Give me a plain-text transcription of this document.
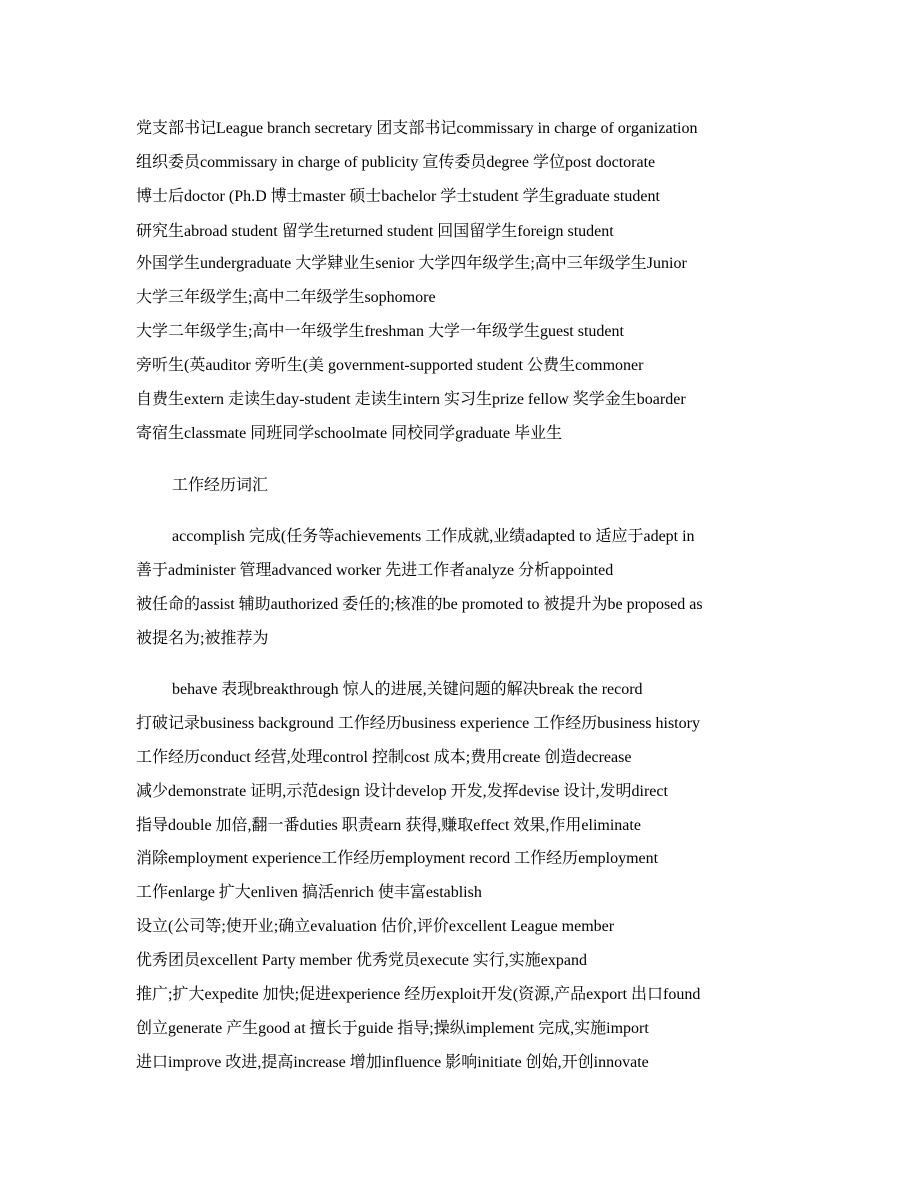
党支部书记League branch secretary 团支部书记commissary in charge of organization
组织委员commissary in charge of publicity 宣传委员degree 学位post doctorate
博士后doctor (Ph.D 博士master 硕士bachelor 学士student 学生graduate student
研究生abroad student 留学生returned student 回国留学生foreign student
外国学生undergraduate 大学肄业生senior 大学四年级学生;高中三年级学生Junior
大学三年级学生;高中二年级学生sophomore
大学二年级学生;高中一年级学生freshman 大学一年级学生guest student
旁听生(英auditor 旁听生(美 government-supported student 公费生commoner
自费生extern 走读生day-student 走读生intern 实习生prize fellow 奖学金生boarder
寄宿生classmate 同班同学schoolmate 同校同学graduate 毕业生
工作经历词汇
accomplish 完成(任务等achievements 工作成就,业绩adapted to 适应于adept in
善于administer 管理advanced worker 先进工作者analyze 分析appointed
被任命的assist 辅助authorized 委任的;核准的be promoted to 被提升为be proposed as
被提名为;被推荐为
behave 表现breakthrough 惊人的进展,关键问题的解决break the record
打破记录business background 工作经历business experience 工作经历business history
工作经历conduct 经营,处理control 控制cost 成本;费用create 创造decrease
减少demonstrate 证明,示范design 设计develop 开发,发挥devise 设计,发明direct
指导double 加倍,翻一番duties 职责earn 获得,赚取effect 效果,作用eliminate
消除employment experience工作经历employment record 工作经历employment
工作enlarge 扩大enliven 搞活enrich 使丰富establish
设立(公司等;使开业;确立evaluation 估价,评价excellent League member
优秀团员excellent Party member 优秀党员execute 实行,实施expand
推广;扩大expedite 加快;促进experience 经历exploit开发(资源,产品export 出口found
创立generate 产生good at 擅长于guide 指导;操纵implement 完成,实施import
进口improve 改进,提高increase 增加influence 影响initiate 创始,开创innovate
